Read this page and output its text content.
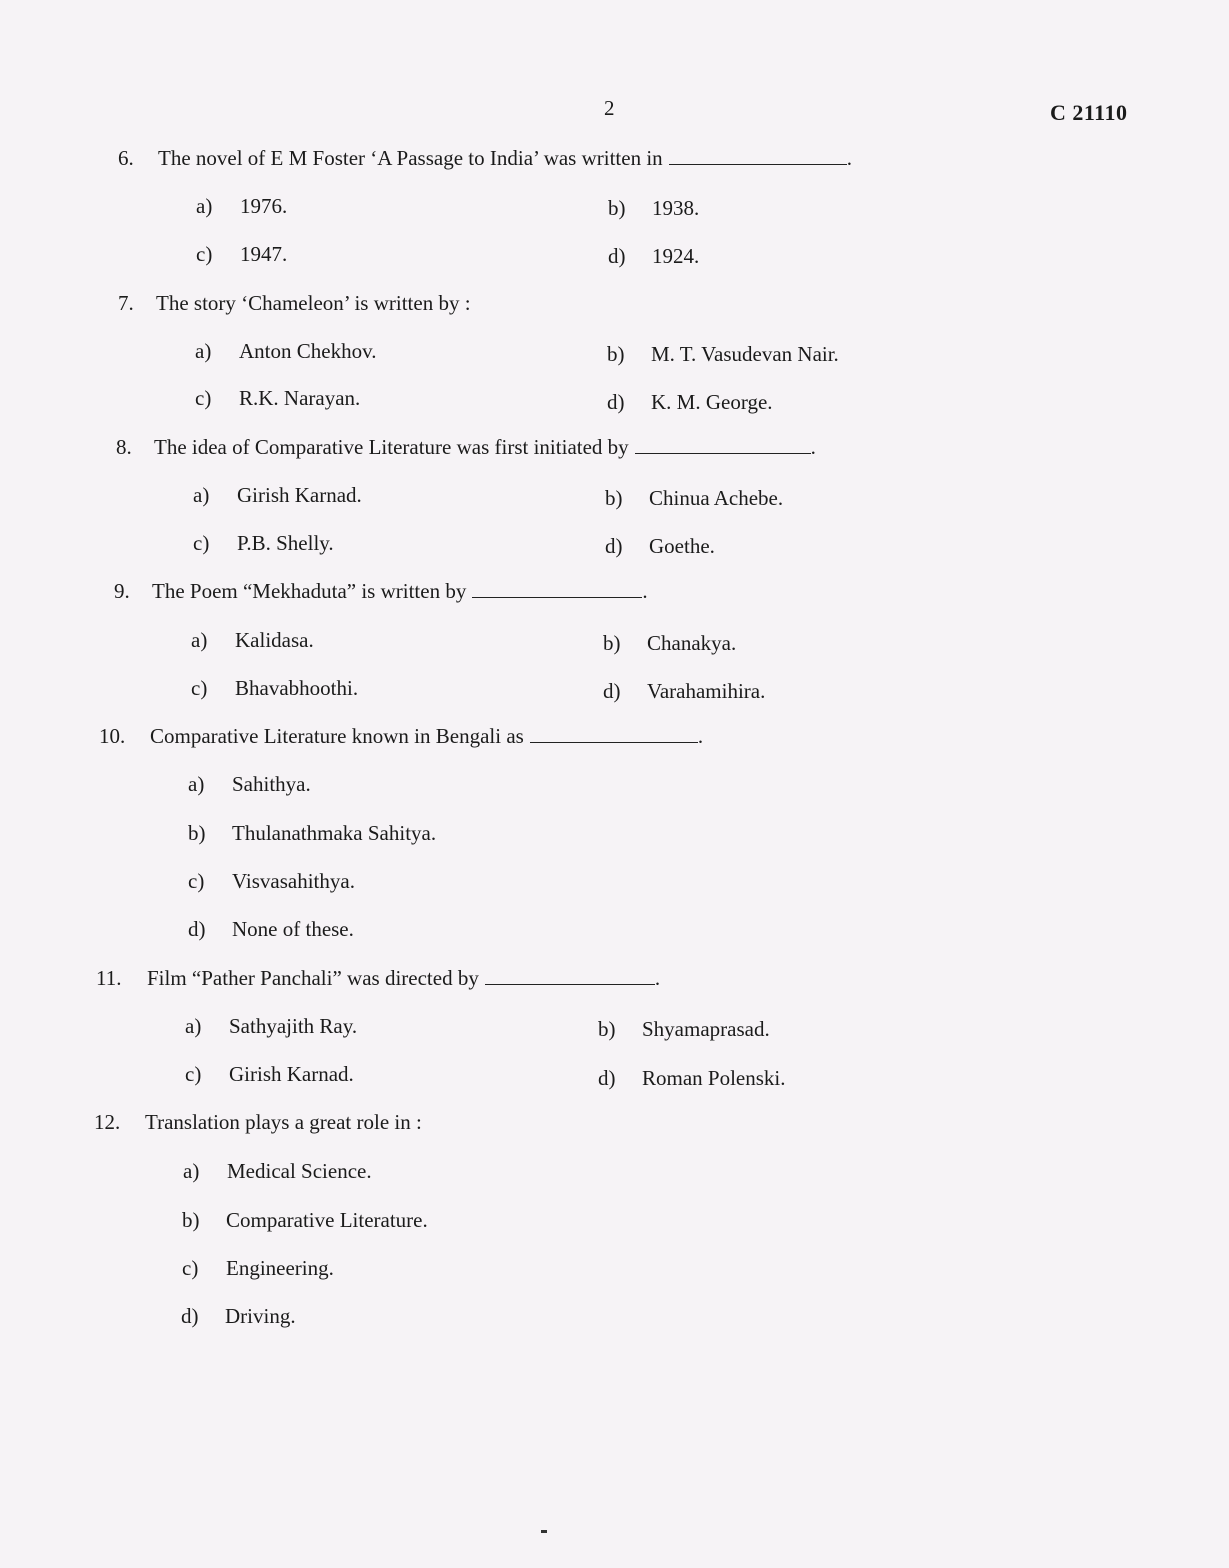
2	C 21110
6. The novel of E M Foster ‘A Passage to India’ was written in	.
a) 1976.	b) 1938.
c) 1947.	d) 1924.
7. The story ‘Chameleon’ is written by :
a) Anton Chekhov.	b) M. T. Vasudevan Nair.
c) R.K. Narayan.	d) K. M. George.
8. The idea of Comparative Literature was first initiated by	.
a) Girish Karnad.	b) Chinua Achebe.
c) P.B. Shelly.	d) Goethe.
9. The Poem “Mekhaduta” is written by	.
a) Kalidasa.	b) Chanakya.
c) Bhavabhoothi.	d) Varahamihira.
10. Comparative Literature known in Bengali as	.
a) Sahithya.
b) Thulanathmaka Sahitya.
c) Visvasahithya.
d) None of these.
11. Film “Pather Panchali” was directed by	.
a) Sathyajith Ray.	b) Shyamaprasad.
c) Girish Karnad.	d) Roman Polenski.
12. Translation plays a great role in :
a) Medical Science.
b) Comparative Literature.
c) Engineering.
d) Driving.
